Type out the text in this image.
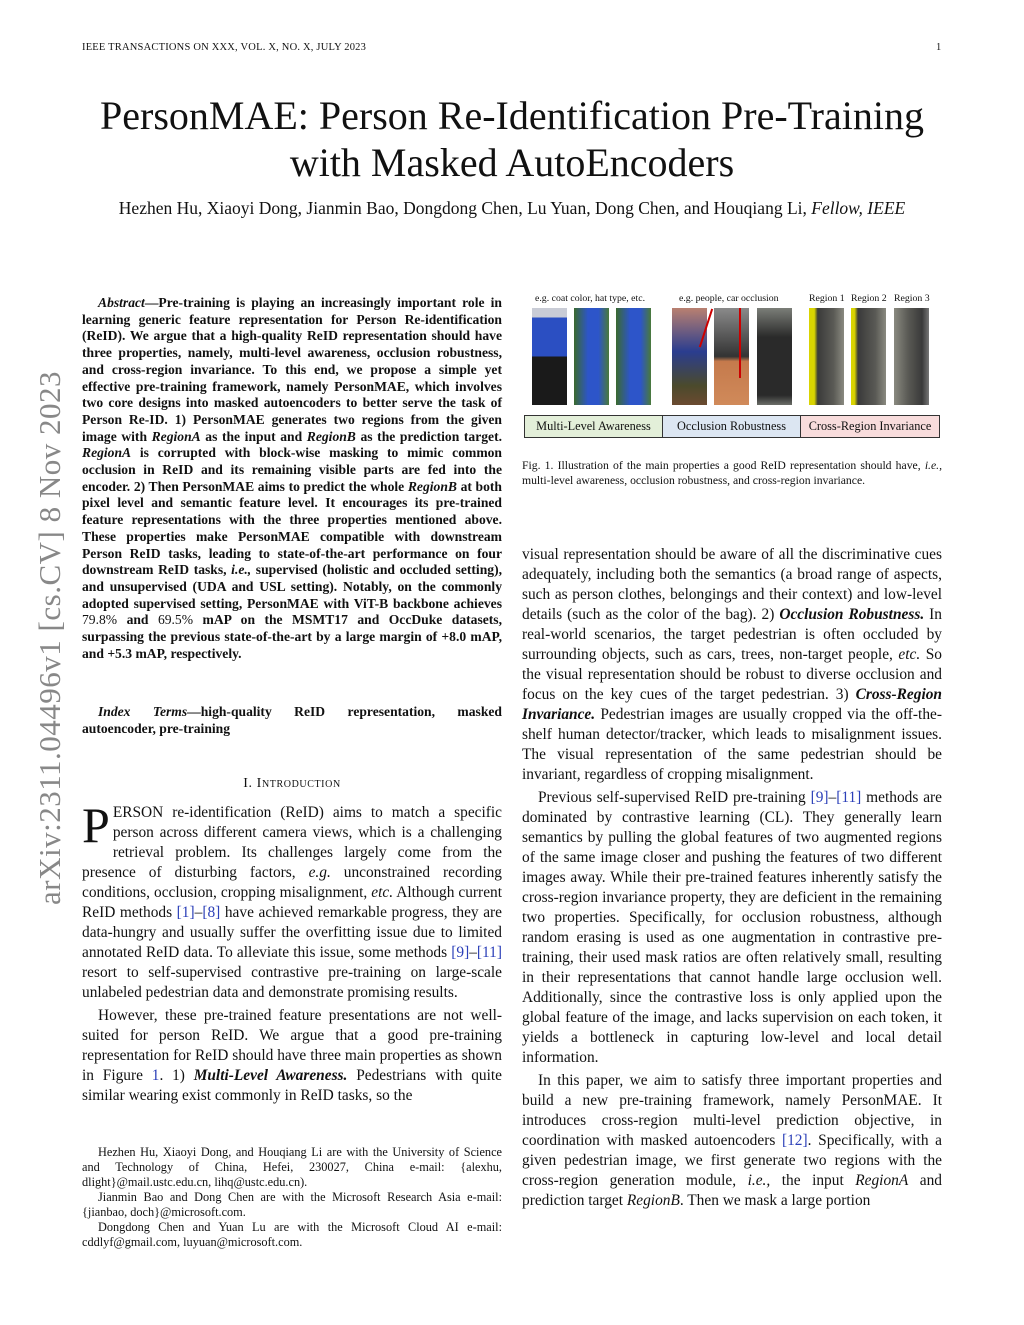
IEEE TRANSACTIONS ON XXX, VOL. X, NO. X, JULY 2023	1
arXiv:2311.04496v1 [cs.CV] 8 Nov 2023
PersonMAE: Person Re-Identification Pre-Training
with Masked AutoEncoders
Hezhen Hu, Xiaoyi Dong, Jianmin Bao, Dongdong Chen, Lu Yuan, Dong Chen, and Houqiang Li, Fellow, IEEE

Abstract—Pre-training is playing an increasingly important role in learning generic feature representation for Person Re-identification (ReID). We argue that a high-quality ReID representation should have three properties, namely, multi-level awareness, occlusion robustness, and cross-region invariance. To this end, we propose a simple yet effective pre-training framework, namely PersonMAE, which involves two core designs into masked autoencoders to better serve the task of Person Re-ID. 1) PersonMAE generates two regions from the given image with RegionA as the input and RegionB as the prediction target. RegionA is corrupted with block-wise masking to mimic common occlusion in ReID and its remaining visible parts are fed into the encoder. 2) Then PersonMAE aims to predict the whole RegionB at both pixel level and semantic feature level. It encourages its pre-trained feature representations with the three properties mentioned above. These properties make PersonMAE compatible with downstream Person ReID tasks, leading to state-of-the-art performance on four downstream ReID tasks, i.e., supervised (holistic and occluded setting), and unsupervised (UDA and USL setting). Notably, on the commonly adopted supervised setting, PersonMAE with ViT-B backbone achieves 79.8% and 69.5% mAP on the MSMT17 and OccDuke datasets, surpassing the previous state-of-the-art by a large margin of +8.0 mAP, and +5.3 mAP, respectively.

Index Terms—high-quality ReID representation, masked autoencoder, pre-training

I. Introduction

PERSON re-identification (ReID) aims to match a specific person across different camera views, which is a challenging retrieval problem. Its challenges largely come from the presence of disturbing factors, e.g. unconstrained recording conditions, occlusion, cropping misalignment, etc. Although current ReID methods [1]–[8] have achieved remarkable progress, they are data-hungry and usually suffer the overfitting issue due to limited annotated ReID data. To alleviate this issue, some methods [9]–[11] resort to self-supervised contrastive pre-training on large-scale unlabeled pedestrian data and demonstrate promising results.

However, these pre-trained feature presentations are not well-suited for person ReID. We argue that a good pre-training representation for ReID should have three main properties as shown in Figure 1. 1) Multi-Level Awareness. Pedestrians with quite similar wearing exist commonly in ReID tasks, so the

Hezhen Hu, Xiaoyi Dong, and Houqiang Li are with the University of Science and Technology of China, Hefei, 230027, China e-mail: {alexhu, dlight}@mail.ustc.edu.cn, lihq@ustc.edu.cn).

Jianmin Bao and Dong Chen are with the Microsoft Research Asia e-mail: {jianbao, doch}@microsoft.com.

Dongdong Chen and Yuan Lu are with the Microsoft Cloud AI e-mail: cddlyf@gmail.com, luyuan@microsoft.com.

e.g. coat color, hat type, etc.	e.g. people, car occlusion	Region 1 Region 2 Region 3
Multi-Level Awareness	Occlusion Robustness	Cross-Region Invariance
Fig. 1. Illustration of the main properties a good ReID representation should have, i.e., multi-level awareness, occlusion robustness, and cross-region invariance.

visual representation should be aware of all the discriminative cues adequately, including both the semantics (a broad range of aspects, such as person clothes, belongings and their context) and low-level details (such as the color of the bag). 2) Occlusion Robustness. In real-world scenarios, the target pedestrian is often occluded by surrounding objects, such as cars, trees, non-target people, etc. So the visual representation should be robust to diverse occlusion and focus on the key cues of the target pedestrian. 3) Cross-Region Invariance. Pedestrian images are usually cropped via the off-the-shelf human detector/tracker, which leads to misalignment issues. The visual representation of the same pedestrian should be invariant, regardless of cropping misalignment.

Previous self-supervised ReID pre-training [9]–[11] methods are dominated by contrastive learning (CL). They generally learn semantics by pulling the global features of two augmented regions of the same image closer and pushing the features of two different images away. While their pre-trained features inherently satisfy the cross-region invariance property, they are deficient in the remaining two properties. Specifically, for occlusion robustness, although random erasing is used as one augmentation in contrastive pre-training, their used mask ratios are often relatively small, resulting in their representations that cannot handle large occlusion well. Additionally, since the contrastive loss is only applied upon the global feature of the image, and lacks supervision on each token, it yields a bottleneck in capturing low-level and local detail information.

In this paper, we aim to satisfy three important properties and build a new pre-training framework, namely PersonMAE. It introduces cross-region multi-level prediction objective, in coordination with masked autoencoders [12]. Specifically, with a given pedestrian image, we first generate two regions with the cross-region generation module, i.e., the input RegionA and prediction target RegionB. Then we mask a large portion
